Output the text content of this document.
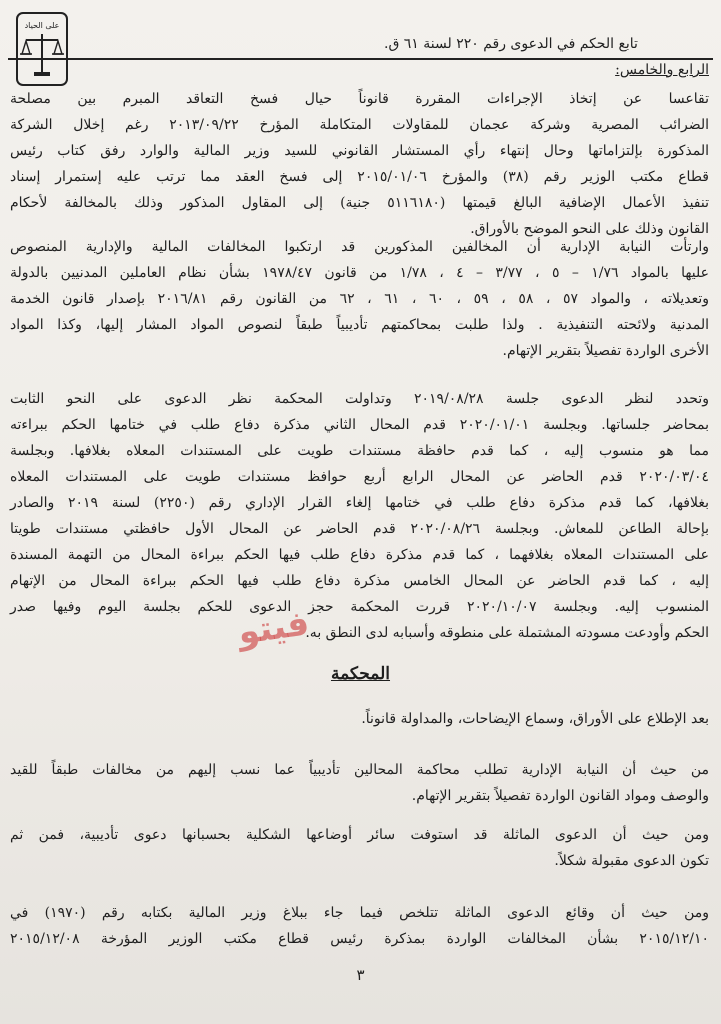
على الحياد
تابع الحكم في الدعوى رقم ٢٢٠ لسنة ٦١ ق.
الرابع والخامس:
تقاعسا عن إتخاذ الإجراءات المقررة قانوناً حيال فسخ التعاقد المبرم بين مصلحة
الضرائب المصرية وشركة عجمان للمقاولات المتكاملة المؤرخ ٢٠١٣/٠٩/٢٢ رغم إخلال الشركة
المذكورة بإلتزاماتها وحال إنتهاء رأي المستشار القانوني للسيد وزير المالية والوارد رفق كتاب رئيس
قطاع مكتب الوزير رقم (٣٨) والمؤرخ ٢٠١٥/٠١/٠٦ إلى فسخ العقد مما ترتب عليه إستمرار إسناد
تنفيذ الأعمال الإضافية البالغ قيمتها (٥١١٦١٨٠ جنية) إلى المقاول المذكور وذلك بالمخالفة لأحكام
القانون وذلك على النحو الموضح بالأوراق.
وارتأت النيابة الإدارية أن المخالفين المذكورين قد ارتكبوا المخالفات المالية والإدارية المنصوص
عليها بالمواد ١/٧٦ – ٥ ، ٣/٧٧ – ٤ ، ١/٧٨ من قانون ١٩٧٨/٤٧ بشأن نظام العاملين المدنيين بالدولة
وتعديلاته ، والمواد ٥٧ ، ٥٨ ، ٥٩ ، ٦٠ ، ٦١ ، ٦٢ من القانون رقم ٢٠١٦/٨١ بإصدار قانون الخدمة
المدنية ولائحته التنفيذية . ولذا طلبت بمحاكمتهم تأديبياً طبقاً لنصوص المواد المشار إليها، وكذا المواد
الأخرى الواردة تفصيلاً بتقرير الإتهام.
وتحدد لنظر الدعوى جلسة ٢٠١٩/٠٨/٢٨ وتداولت المحكمة نظر الدعوى على النحو الثابت
بمحاضر جلساتها. وبجلسة ٢٠٢٠/٠١/٠١ قدم المحال الثاني مذكرة دفاع طلب في ختامها الحكم ببراءته
مما هو منسوب إليه ، كما قدم حافظة مستندات طويت على المستندات المعلاه بغلافها. وبجلسة
٢٠٢٠/٠٣/٠٤ قدم الحاضر عن المحال الرابع أربع حوافظ مستندات طويت على المستندات المعلاه
بغلافها، كما قدم مذكرة دفاع طلب في ختامها إلغاء القرار الإداري رقم (٢٢٥٠) لسنة ٢٠١٩ والصادر
بإحالة الطاعن للمعاش. وبجلسة ٢٠٢٠/٠٨/٢٦ قدم الحاضر عن المحال الأول حافظتي مستندات طويتا
على المستندات المعلاه بغلافهما ، كما قدم مذكرة دفاع طلب فيها الحكم ببراءة المحال من التهمة المسندة
إليه ، كما قدم الحاضر عن المحال الخامس مذكرة دفاع طلب فيها الحكم ببراءة المحال من الإتهام
المنسوب إليه. وبجلسة ٢٠٢٠/١٠/٠٧ قررت المحكمة حجز الدعوى للحكم بجلسة اليوم وفيها صدر
الحكم وأودعت مسودته المشتملة على منطوقه وأسبابه لدى النطق به.
فيتو
المحكمة
بعد الإطلاع على الأوراق، وسماع الإيضاحات، والمداولة قانوناً.
من حيث أن النيابة الإدارية تطلب محاكمة المحالين تأديبياً عما نسب إليهم من مخالفات طبقاً للقيد
والوصف ومواد القانون الواردة تفصيلاً بتقرير الإتهام.
ومن حيث أن الدعوى الماثلة قد استوفت سائر أوضاعها الشكلية بحسبانها دعوى تأديبية، فمن ثم
تكون الدعوى مقبولة شكلاً.
ومن حيث أن وقائع الدعوى الماثلة تتلخص فيما جاء ببلاغ وزير المالية بكتابه رقم (١٩٧٠) في
٢٠١٥/١٢/١٠ بشأن المخالفات الواردة بمذكرة رئيس قطاع مكتب الوزير المؤرخة ٢٠١٥/١٢/٠٨
٣
